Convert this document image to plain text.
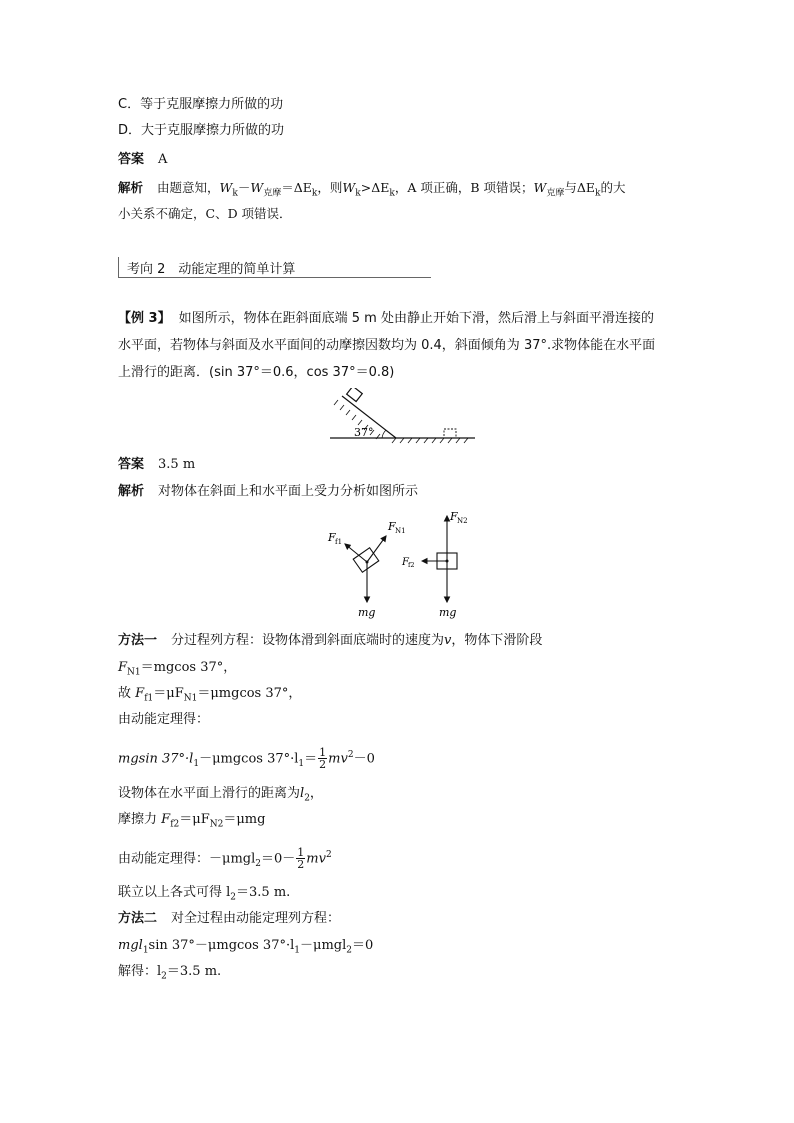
C．等于克服摩擦力所做的功
D．大于克服摩擦力所做的功
答案 A
解析 由题意知，$W_k-W_{克摩}=\Delta E_k$，则$W_k>\Delta E_k$，A 项正确，B 项错误；$W_{克摩}$与$\Delta E_k$的大
小关系不确定，C、D 项错误．
考向 2　动能定理的简单计算
【例 3】 如图所示，物体在距斜面底端 5 m 处由静止开始下滑，然后滑上与斜面平滑连接的
水平面，若物体与斜面及水平面间的动摩擦因数均为 0.4，斜面倾角为 37°.求物体能在水平面
上滑行的距离．(sin 37°＝0.6，cos 37°＝0.8)
37°
答案 3.5 m
解析 对物体在斜面上和水平面上受力分析如图所示
F f1
F N1
mg
F N2
F f2
mg
方法一 分过程列方程：设物体滑到斜面底端时的速度为v，物体下滑阶段
$F_{N1}=mgcos$ 37°，
故 $F_{f1}=\mu F_{N1}=\mu mgcos$ 37°，
由动能定理得：
mgsin $37^\circ\cdot l_1-\mu mgcos$ $37^\circ\cdot l_1= \frac{1}{2} mv^2-0$
设物体在水平面上滑行的距离为$l_2$，
摩擦力 $F_{f2}=\mu F_{N2}=\mu mg$
由动能定理得：$-\mu mgl_2=0- \frac{1}{2} mv^2$
联立以上各式可得 $l_2=3.5$ m.
方法二 对全过程由动能定理列方程：
mgl$_1$sin 37°－μmgcos $37^\circ\cdot l_1-\mu mgl_2=0$
解得：$l_2=3.5$ m.
